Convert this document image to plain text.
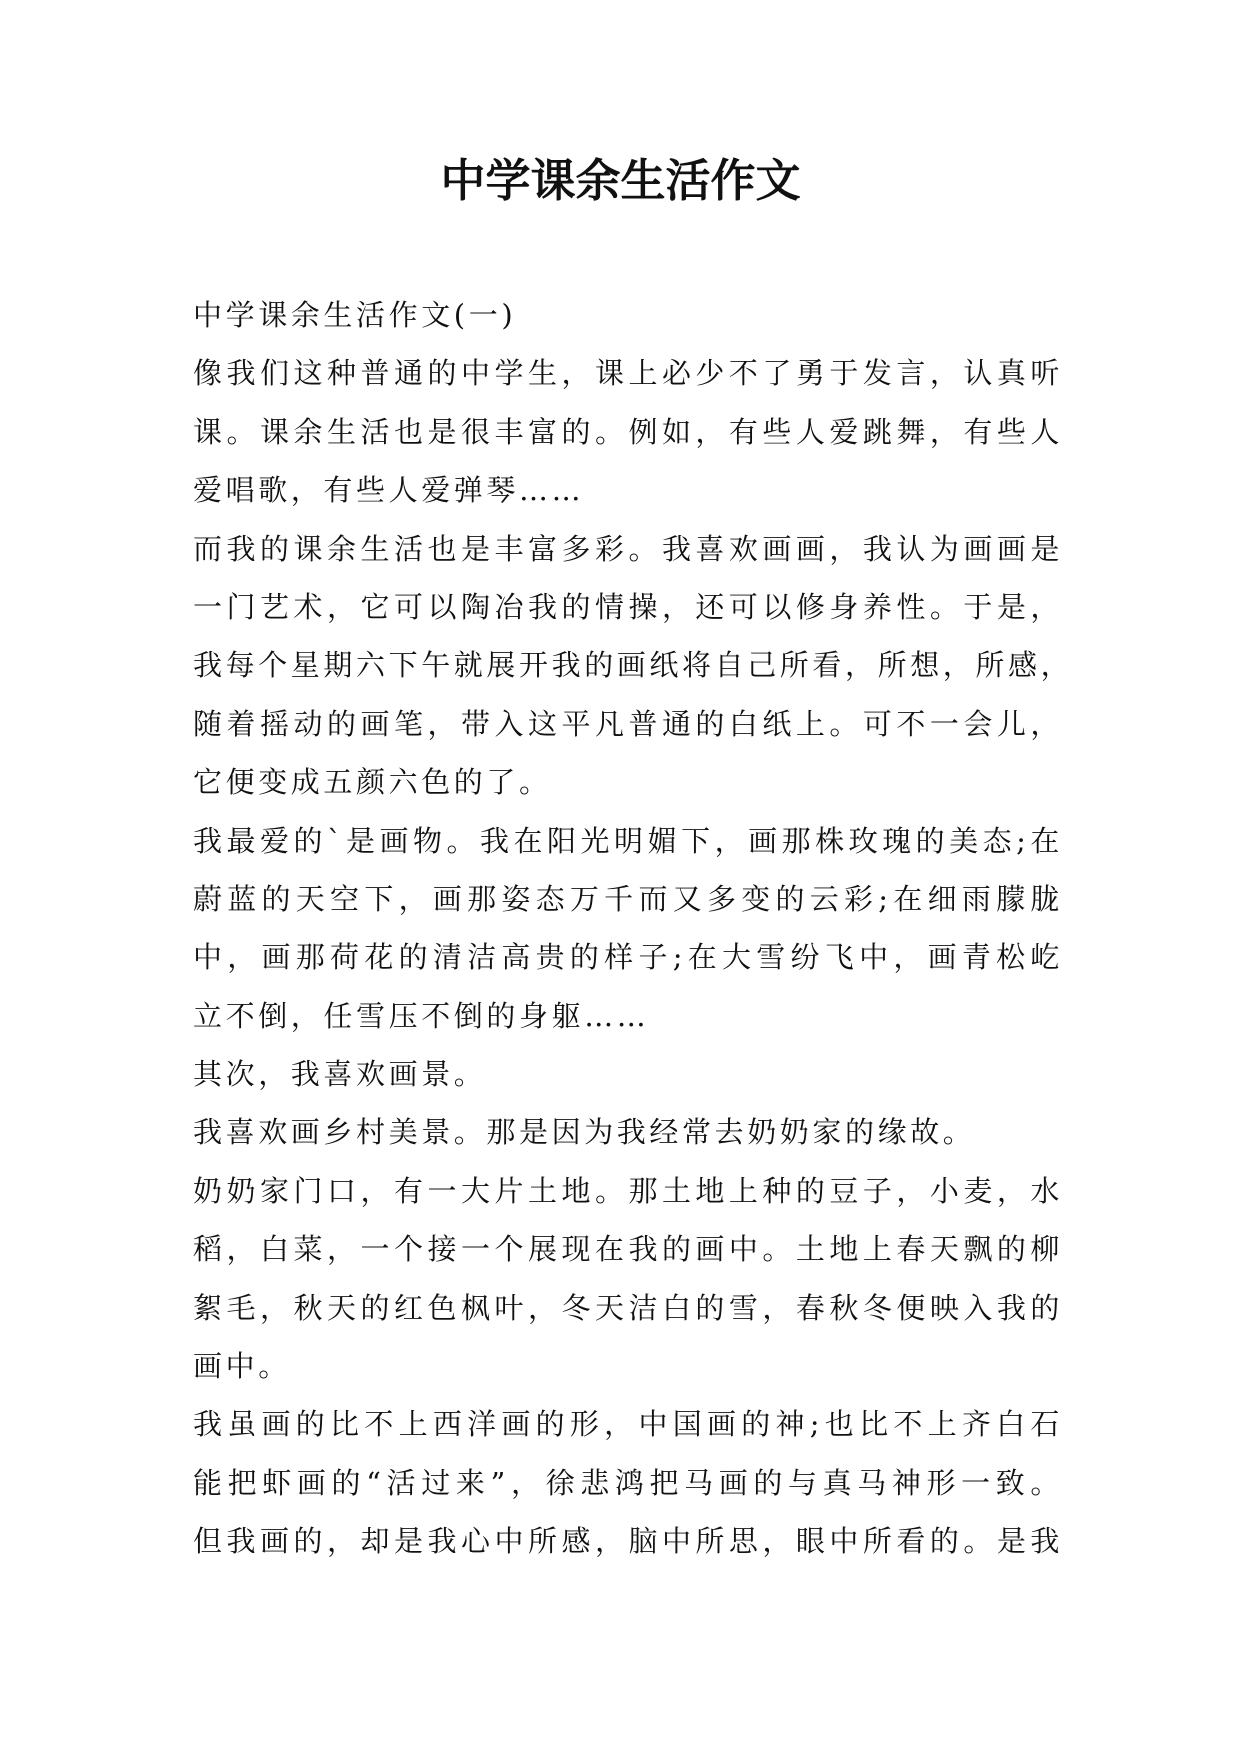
中学课余生活作文
中学课余生活作文(一)
像我们这种普通的中学生，课上必少不了勇于发言，认真听
课。课余生活也是很丰富的。例如，有些人爱跳舞，有些人
爱唱歌，有些人爱弹琴……
而我的课余生活也是丰富多彩。我喜欢画画，我认为画画是
一门艺术，它可以陶冶我的情操，还可以修身养性。于是，
我每个星期六下午就展开我的画纸将自己所看，所想，所感，
随着摇动的画笔，带入这平凡普通的白纸上。可不一会儿，
它便变成五颜六色的了。
我最爱的`是画物。我在阳光明媚下，画那株玫瑰的美态;在
蔚蓝的天空下，画那姿态万千而又多变的云彩;在细雨朦胧
中，画那荷花的清洁高贵的样子;在大雪纷飞中，画青松屹
立不倒，任雪压不倒的身躯……
其次，我喜欢画景。
我喜欢画乡村美景。那是因为我经常去奶奶家的缘故。
奶奶家门口，有一大片土地。那土地上种的豆子，小麦，水
稻，白菜，一个接一个展现在我的画中。土地上春天飘的柳
絮毛，秋天的红色枫叶，冬天洁白的雪，春秋冬便映入我的
画中。
我虽画的比不上西洋画的形，中国画的神;也比不上齐白石
能把虾画的“活过来”，徐悲鸿把马画的与真马神形一致。
但我画的，却是我心中所感，脑中所思，眼中所看的。是我
